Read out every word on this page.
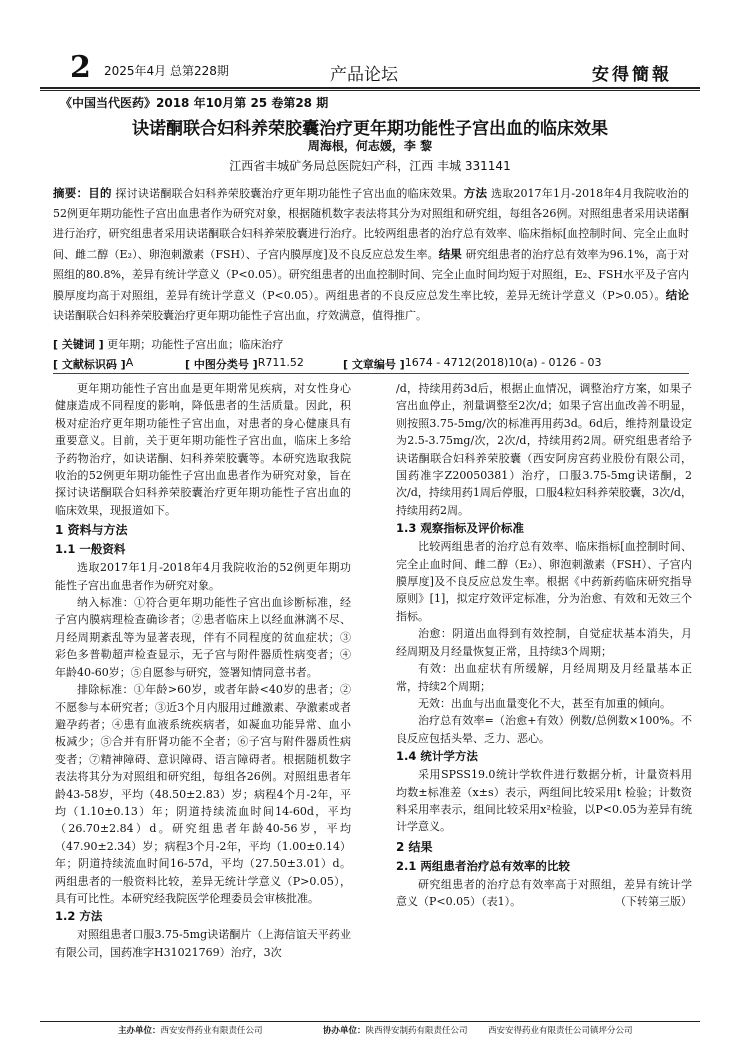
2 2025年4月 总第228期	产品论坛	安得簡報
《中国当代医药》2018 年10月第 25 卷第28 期
诀诺酮联合妇科养荣胶囊治疗更年期功能性子宫出血的临床效果
周海根，何志媛，李 黎
江西省丰城矿务局总医院妇产科，江西 丰城 331141
摘要：目的 探讨诀诺酮联合妇科养荣胶囊治疗更年期功能性子宫出血的临床效果。方法 选取2017年1月-2018年4月我院收治的52例更年期功能性子宫出血患者作为研究对象，根据随机数字表法将其分为对照组和研究组，每组各26例。对照组患者采用诀诺酮进行治疗，研究组患者采用诀诺酮联合妇科养荣胶囊进行治疗。比较两组患者的治疗总有效率、临床指标[血控制时间、完全止血时间、雌二醇（E₂）、卵泡刺激素（FSH）、子宫内膜厚度]及不良反应总发生率。结果 研究组患者的治疗总有效率为96.1%，高于对照组的80.8%，差异有统计学意义（P<0.05）。研究组患者的出血控制时间、完全止血时间均短于对照组，E₂、FSH水平及子宫内膜厚度均高于对照组，差异有统计学意义（P<0.05）。两组患者的不良反应总发生率比较，差异无统计学意义（P>0.05）。结论 诀诺酮联合妇科养荣胶囊治疗更年期功能性子宫出血，疗效满意，值得推广。
[ 关键词 ] 更年期；功能性子宫出血；临床治疗
[ 文献标识码 ] A	[ 中图分类号 ] R711.52	[ 文章编号 ] 1674 - 4712(2018)10(a) - 0126 - 03

更年期功能性子宫出血是更年期常见疾病，对女性身心健康造成不同程度的影响，降低患者的生活质量。因此，积极对症治疗更年期功能性子宫出血，对患者的身心健康具有重要意义。目前，关于更年期功能性子宫出血，临床上多给予药物治疗，如诀诺酮、妇科养荣胶囊等。本研究选取我院收治的52例更年期功能性子宫出血患者作为研究对象，旨在探讨诀诺酮联合妇科养荣胶囊治疗更年期功能性子宫出血的临床效果，现报道如下。

1 资料与方法
1.1 一般资料

选取2017年1月-2018年4月我院收治的52例更年期功能性子宫出血患者作为研究对象。

纳入标准：①符合更年期功能性子宫出血诊断标准，经子宫内膜病理检查确诊者；②患者临床上以经血淋漓不尽、月经周期紊乱等为显著表现，伴有不同程度的贫血症状；③彩色多普勒超声检查显示，无子宫与附件器质性病变者；④年龄40-60岁；⑤自愿参与研究，签署知情同意书者。

排除标准：①年龄>60岁，或者年龄<40岁的患者；②不愿参与本研究者；③近3个月内服用过雌激素、孕激素或者避孕药者；④患有血液系统疾病者，如凝血功能异常、血小板减少；⑤合并有肝肾功能不全者；⑥子宫与附件器质性病变者；⑦精神障碍、意识障碍、语言障碍者。根据随机数字表法将其分为对照组和研究组，每组各26例。对照组患者年龄43-58岁，平均（48.50±2.83）岁；病程4个月-2年，平均（1.10±0.13）年；阴道持续流血时间14-60d，平均（26.70±2.84）d。研究组患者年龄40-56岁，平均（47.90±2.34）岁；病程3个月-2年，平均（1.00±0.14）年；阴道持续流血时间16-57d，平均（27.50±3.01）d。两组患者的一般资料比较，差异无统计学意义（P>0.05），具有可比性。本研究经我院医学伦理委员会审核批准。

1.2 方法

对照组患者口服3.75-5mg诀诺酮片（上海信谊天平药业有限公司，国药准字H31021769）治疗，3次

/d，持续用药3d后，根据止血情况，调整治疗方案，如果子宫出血停止，剂量调整至2次/d；如果子宫出血改善不明显，则按照3.75-5mg/次的标准再用药3d。6d后，维持剂量设定为2.5-3.75mg/次，2次/d，持续用药2周。研究组患者给予诀诺酮联合妇科养荣胶囊（西安阿房宫药业股份有限公司，国药准字Z20050381）治疗，口服3.75-5mg诀诺酮，2次/d，持续用药1周后停服，口服4粒妇科养荣胶囊，3次/d，持续用药2周。

1.3 观察指标及评价标准

比较两组患者的治疗总有效率、临床指标[血控制时间、完全止血时间、雌二醇（E₂）、卵泡刺激素（FSH）、子宫内膜厚度]及不良反应总发生率。根据《中药新药临床研究指导原则》[1]，拟定疗效评定标准，分为治愈、有效和无效三个指标。

治愈：阴道出血得到有效控制，自觉症状基本消失，月经周期及月经量恢复正常，且持续3个周期；

有效：出血症状有所缓解，月经周期及月经量基本正常，持续2个周期；

无效：出血与出血量变化不大，甚至有加重的倾向。

治疗总有效率=（治愈+有效）例数/总例数×100%。不良反应包括头晕、乏力、恶心。

1.4 统计学方法

采用SPSS19.0统计学软件进行数据分析，计量资料用均数±标准差（x±s）表示，两组间比较采用t 检验；计数资料采用率表示，组间比较采用x²检验，以P<0.05为差异有统计学意义。

2 结果
2.1 两组患者治疗总有效率的比较

研究组患者的治疗总有效率高于对照组，差异有统计学意义（P<0.05）（表1）。	（下转第三版）

主办单位： 西安安得药业有限责任公司	协办单位： 陕西得安制药有限责任公司 西安安得药业有限责任公司镇坪分公司
